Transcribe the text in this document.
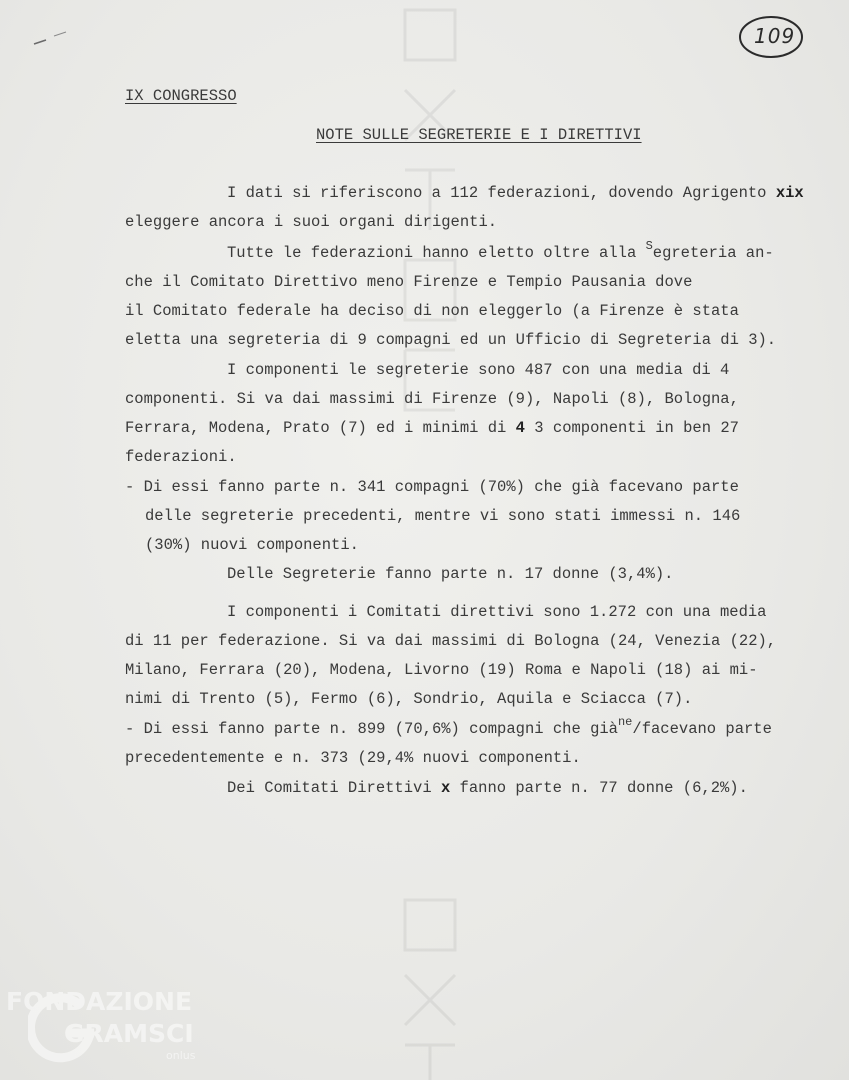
109
IX CONGRESSO
NOTE SULLE SEGRETERIE E I DIRETTIVI
I dati si riferiscono a 112 federazioni, dovendo Agrigento xix
eleggere ancora i suoi organi dirigenti.
Tutte le federazioni hanno eletto oltre alla $^S$egreteria an-
che il Comitato Direttivo meno Firenze e Tempio Pausania dove
il Comitato federale ha deciso di non eleggerlo (a Firenze è stata
eletta una segreteria di 9 compagni ed un Ufficio di Segreteria di 3).
I componenti le segreterie sono 487 con una media di 4
componenti. Si va dai massimi di Firenze (9), Napoli (8), Bologna,
Ferrara, Modena, Prato (7) ed i minimi di 4 3 componenti in ben 27
federazioni.
- Di essi fanno parte n. 341 compagni (70%) che già facevano parte
delle segreterie precedenti, mentre vi sono stati immessi n. 146
(30%) nuovi componenti.
Delle Segreterie fanno parte n. 17 donne (3,4%).
I componenti i Comitati direttivi sono 1.272 con una media
di 11 per federazione. Si va dai massimi di Bologna (24, Venezia (22),
Milano, Ferrara (20), Modena, Livorno (19) Roma e Napoli (18) ai mi-
nimi di Trento (5), Fermo (6), Sondrio, Aquila e Sciacca (7).
- Di essi fanno parte n. 899 (70,6%) compagni che già$^{ne}$/facevano parte
precedentemente e n. 373 (29,4% nuovi componenti.
Dei Comitati Direttivi x fanno parte n. 77 donne (6,2%).
FONDAZIONE
GRAMSCI
onlus
